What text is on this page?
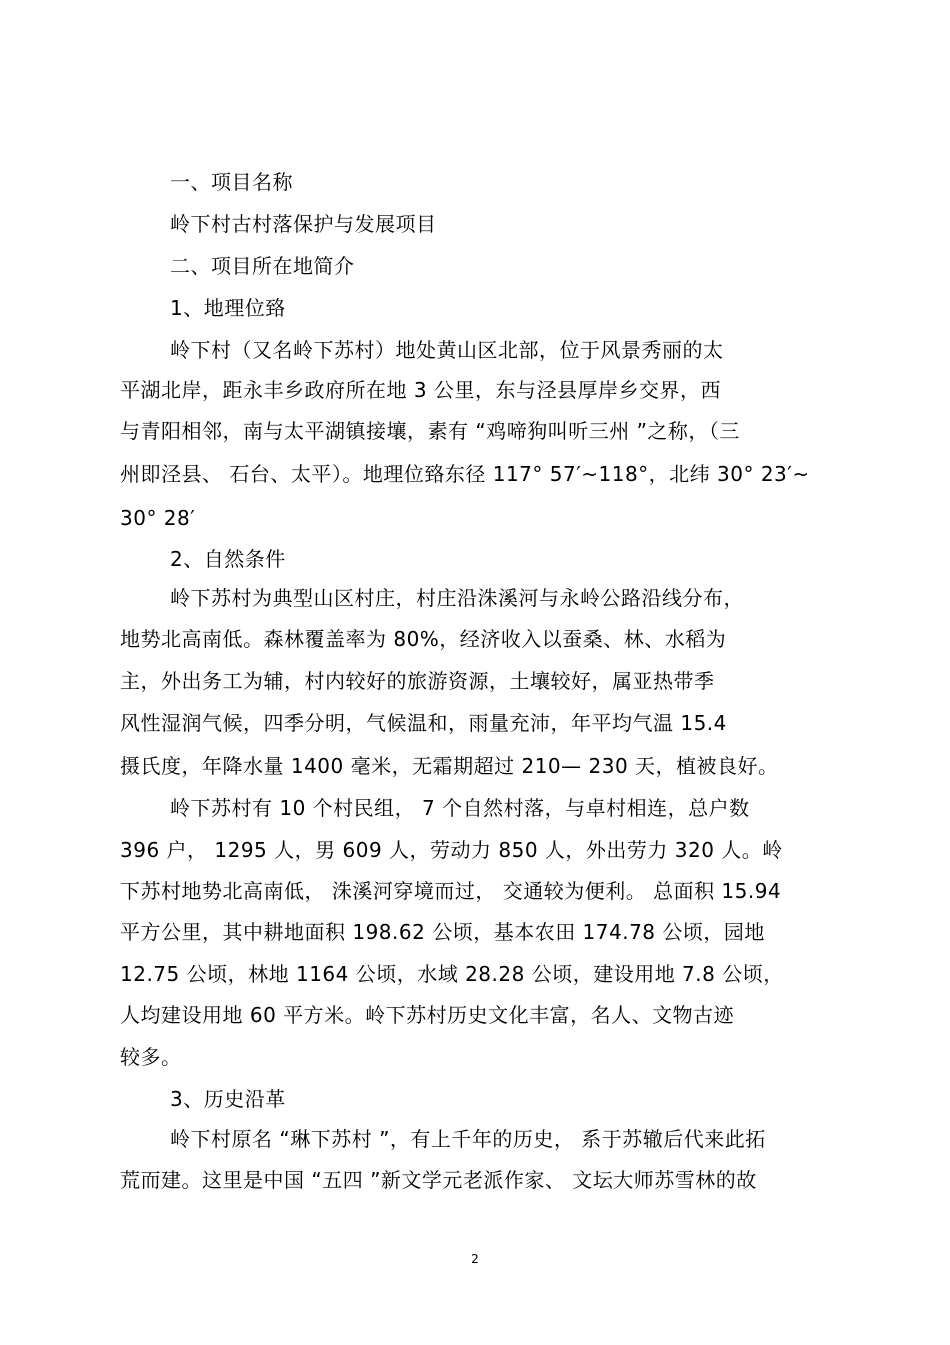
一、项目名称
岭下村古村落保护与发展项目
二、项目所在地简介
1、地理位臵
岭下村（又名岭下苏村）地处黄山区北部，位于风景秀丽的太
平湖北岸，距永丰乡政府所在地 3 公里，东与泾县厚岸乡交界，西
与青阳相邻，南与太平湖镇接壤，素有 “鸡啼狗叫听三州 ”之称，（三
州即泾县、 石台、太平）。地理位臵东径 117° 57′~118°，北纬 30° 23′~
30° 28′
2、自然条件
岭下苏村为典型山区村庄，村庄沿洙溪河与永岭公路沿线分布，
地势北高南低。森林覆盖率为 80%，经济收入以蚕桑、林、水稻为
主，外出务工为辅，村内较好的旅游资源，土壤较好，属亚热带季
风性湿润气候，四季分明，气候温和，雨量充沛，年平均气温 15.4
摄氏度，年降水量 1400 毫米，无霜期超过 210— 230 天，植被良好。
岭下苏村有 10 个村民组， 7 个自然村落，与卓村相连，总户数
396 户， 1295 人，男 609 人，劳动力 850 人，外出劳力 320 人。岭
下苏村地势北高南低， 洙溪河穿境而过， 交通较为便利。 总面积 15.94
平方公里，其中耕地面积 198.62 公顷，基本农田 174.78 公顷，园地
12.75 公顷，林地 1164 公顷，水域 28.28 公顷，建设用地 7.8 公顷，
人均建设用地 60 平方米。岭下苏村历史文化丰富，名人、文物古迹
较多。
3、历史沿革
岭下村原名 “琳下苏村 ”，有上千年的历史， 系于苏辙后代来此拓
荒而建。这里是中国 “五四 ”新文学元老派作家、 文坛大师苏雪林的故
2
